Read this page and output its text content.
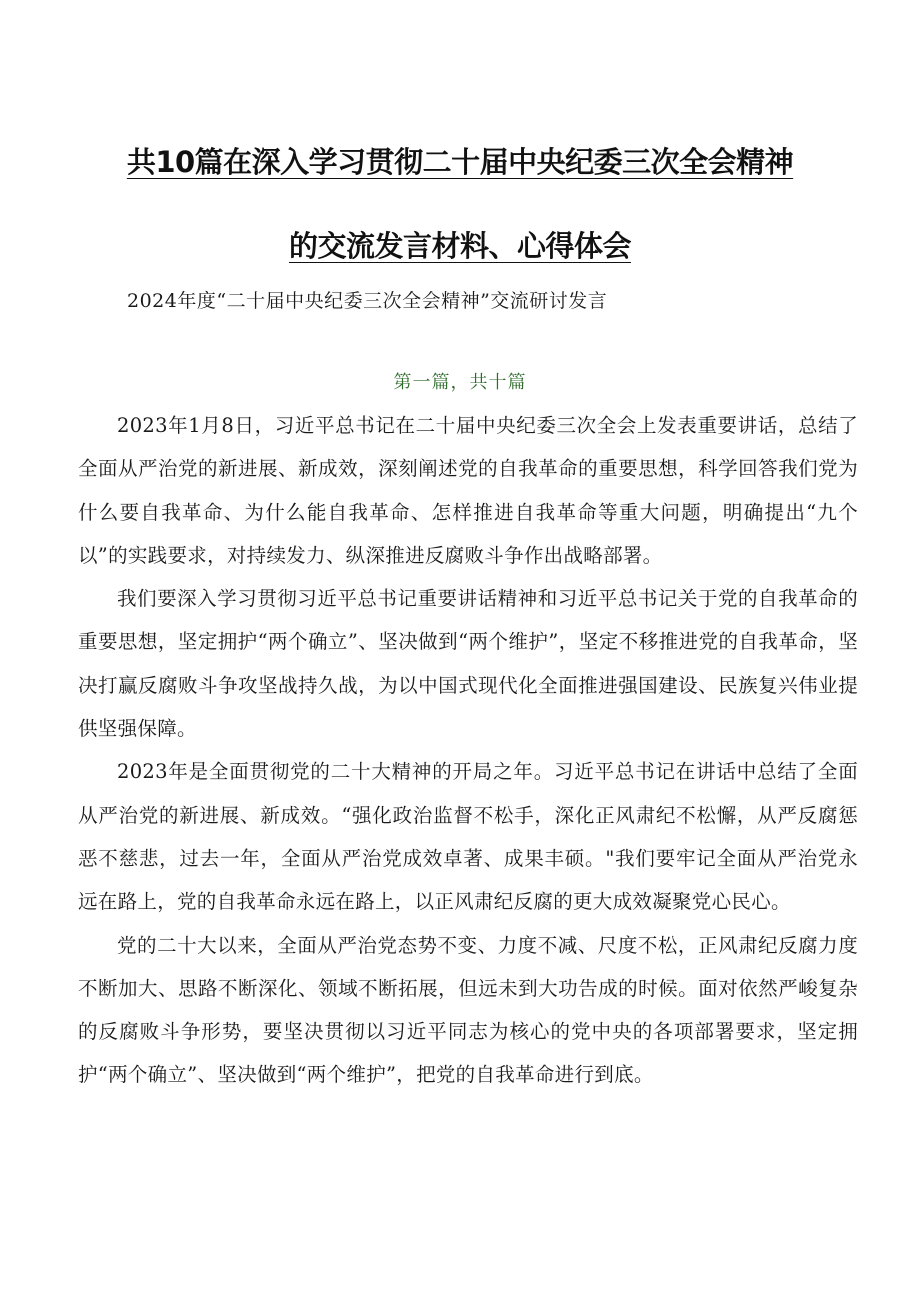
共10篇在深入学习贯彻二十届中央纪委三次全会精神
的交流发言材料、心得体会
2024年度“二十届中央纪委三次全会精神”交流研讨发言
第一篇，共十篇

2023年1月8日，习近平总书记在二十届中央纪委三次全会上发表重要讲话，总结了全面从严治党的新进展、新成效，深刻阐述党的自我革命的重要思想，科学回答我们党为什么要自我革命、为什么能自我革命、怎样推进自我革命等重大问题，明确提出“九个以”的实践要求，对持续发力、纵深推进反腐败斗争作出战略部署。

我们要深入学习贯彻习近平总书记重要讲话精神和习近平总书记关于党的自我革命的重要思想，坚定拥护“两个确立”、坚决做到“两个维护”，坚定不移推进党的自我革命，坚决打赢反腐败斗争攻坚战持久战，为以中国式现代化全面推进强国建设、民族复兴伟业提供坚强保障。

2023年是全面贯彻党的二十大精神的开局之年。习近平总书记在讲话中总结了全面从严治党的新进展、新成效。“强化政治监督不松手，深化正风肃纪不松懈，从严反腐惩恶不慈悲，过去一年，全面从严治党成效卓著、成果丰硕。"我们要牢记全面从严治党永远在路上，党的自我革命永远在路上，以正风肃纪反腐的更大成效凝聚党心民心。

党的二十大以来，全面从严治党态势不变、力度不减、尺度不松，正风肃纪反腐力度不断加大、思路不断深化、领域不断拓展，但远未到大功告成的时候。面对依然严峻复杂的反腐败斗争形势，要坚决贯彻以习近平同志为核心的党中央的各项部署要求，坚定拥护“两个确立”、坚决做到“两个维护”，把党的自我革命进行到底。
